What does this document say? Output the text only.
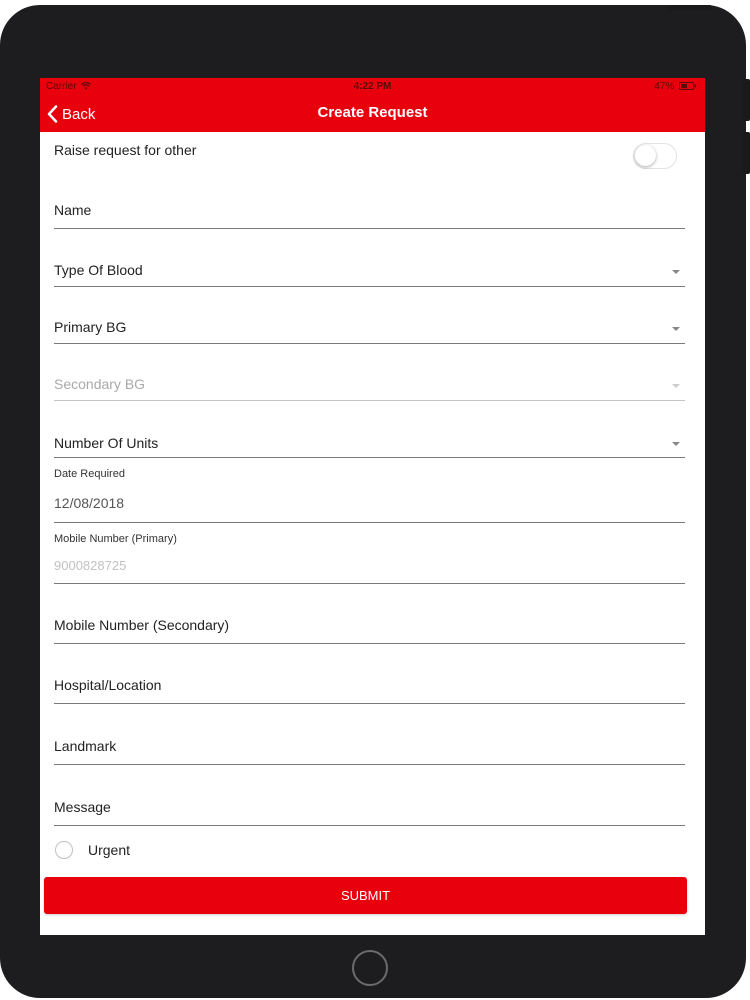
Carrier	4:22 PM	47%
Back	Create Request
Raise request for other
Name
Type Of Blood
Primary BG
Secondary BG
Number Of Units
Date Required
12/08/2018
Mobile Number (Primary)
9000828725
Mobile Number (Secondary)
Hospital/Location
Landmark
Message
Urgent
SUBMIT
